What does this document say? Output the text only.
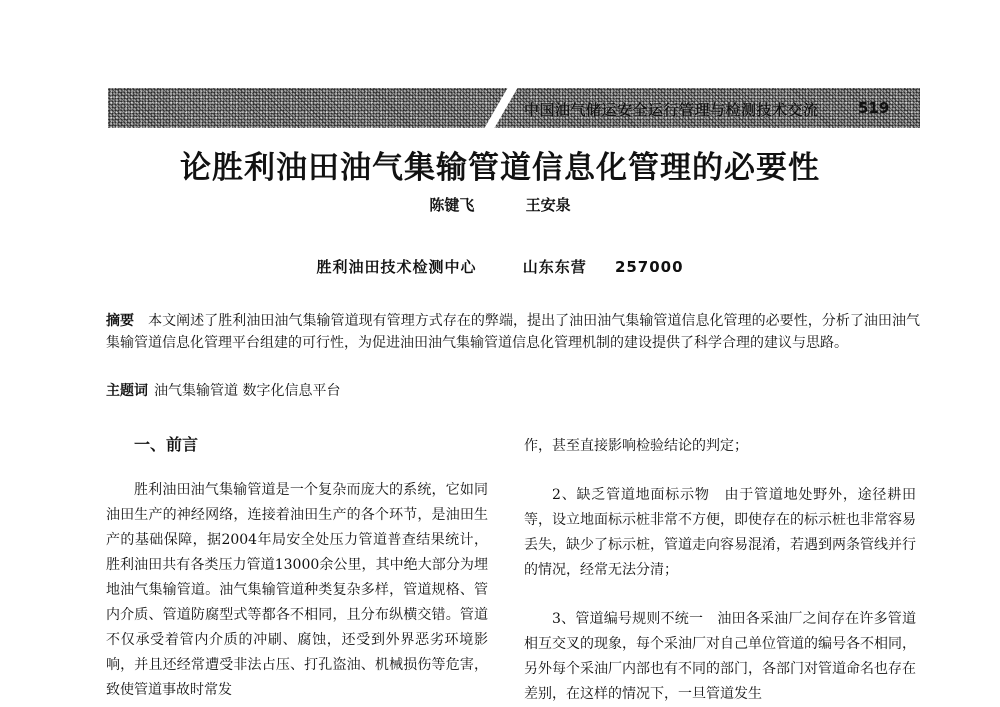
中国油气储运安全运行管理与检测技术交流	519
论胜利油田油气集输管道信息化管理的必要性
陈键飞	王安泉
胜利油田技术检测中心	山东东营 257000
摘要 本文阐述了胜利油田油气集输管道现有管理方式存在的弊端，提出了油田油气集输管道信息化管理的必要性，分析了油田油气集输管道信息化管理平台组建的可行性，为促进油田油气集输管道信息化管理机制的建设提供了科学合理的建议与思路。
主题词 油气集输管道 数字化信息平台
一、前言

胜利油田油气集输管道是一个复杂而庞大的系统，它如同油田生产的神经网络，连接着油田生产的各个环节，是油田生产的基础保障，据2004年局安全处压力管道普查结果统计，胜利油田共有各类压力管道13000余公里，其中绝大部分为埋地油气集输管道。油气集输管道种类复杂多样，管道规格、管内介质、管道防腐型式等都各不相同，且分布纵横交错。管道不仅承受着管内介质的冲刷、腐蚀，还受到外界恶劣环境影响，并且还经常遭受非法占压、打孔盗油、机械损伤等危害，致使管道事故时常发

作，甚至直接影响检验结论的判定；

2、缺乏管道地面标示物　由于管道地处野外，途径耕田等，设立地面标示桩非常不方便，即使存在的标示桩也非常容易丢失，缺少了标示桩，管道走向容易混淆，若遇到两条管线并行的情况，经常无法分清；

3、管道编号规则不统一　油田各采油厂之间存在许多管道相互交叉的现象，每个采油厂对自己单位管道的编号各不相同，另外每个采油厂内部也有不同的部门，各部门对管道命名也存在差别，在这样的情况下，一旦管道发生
